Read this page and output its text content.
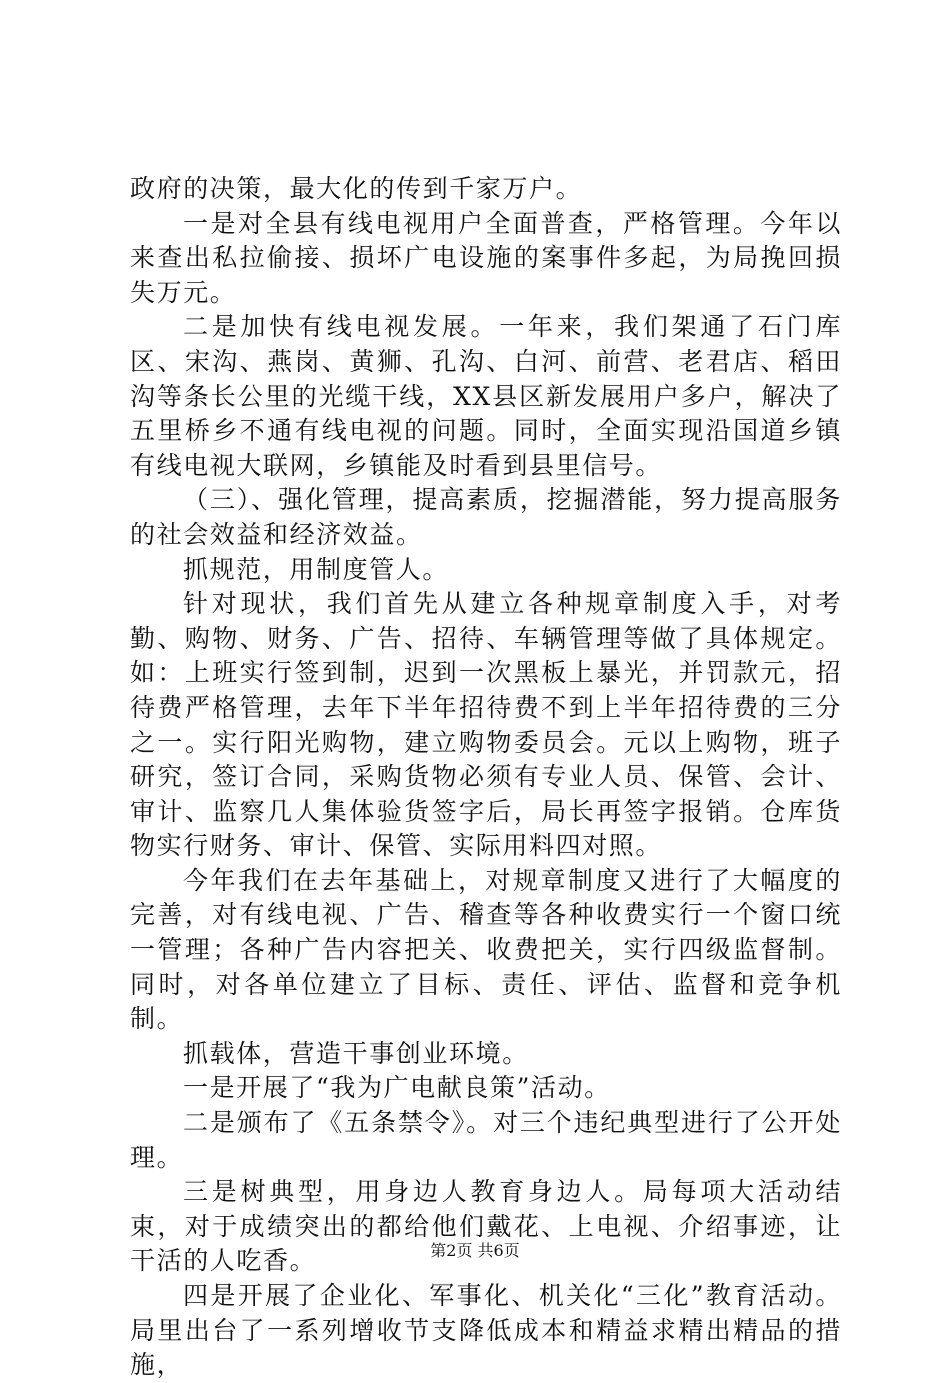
政府的决策，最大化的传到千家万户。

一是对全县有线电视用户全面普查，严格管理。今年以来查出私拉偷接、损坏广电设施的案事件多起，为局挽回损失万元。

二是加快有线电视发展。一年来，我们架通了石门库区、宋沟、燕岗、黄狮、孔沟、白河、前营、老君店、稻田沟等条长公里的光缆干线，XX县区新发展用户多户，解决了五里桥乡不通有线电视的问题。同时，全面实现沿国道乡镇有线电视大联网，乡镇能及时看到县里信号。

（三）、强化管理，提高素质，挖掘潜能，努力提高服务的社会效益和经济效益。

抓规范，用制度管人。

针对现状，我们首先从建立各种规章制度入手，对考勤、购物、财务、广告、招待、车辆管理等做了具体规定。如：上班实行签到制，迟到一次黑板上暴光，并罚款元，招待费严格管理，去年下半年招待费不到上半年招待费的三分之一。实行阳光购物，建立购物委员会。元以上购物，班子研究，签订合同，采购货物必须有专业人员、保管、会计、审计、监察几人集体验货签字后，局长再签字报销。仓库货物实行财务、审计、保管、实际用料四对照。

今年我们在去年基础上，对规章制度又进行了大幅度的完善，对有线电视、广告、稽查等各种收费实行一个窗口统一管理；各种广告内容把关、收费把关，实行四级监督制。同时，对各单位建立了目标、责任、评估、监督和竞争机制。

抓载体，营造干事创业环境。

一是开展了“我为广电献良策”活动。

二是颁布了《五条禁令》。对三个违纪典型进行了公开处理。

三是树典型，用身边人教育身边人。局每项大活动结束，对于成绩突出的都给他们戴花、上电视、介绍事迹，让干活的人吃香。

四是开展了企业化、军事化、机关化“三化”教育活动。局里出台了一系列增收节支降低成本和精益求精出精品的措施，

第2页 共6页
